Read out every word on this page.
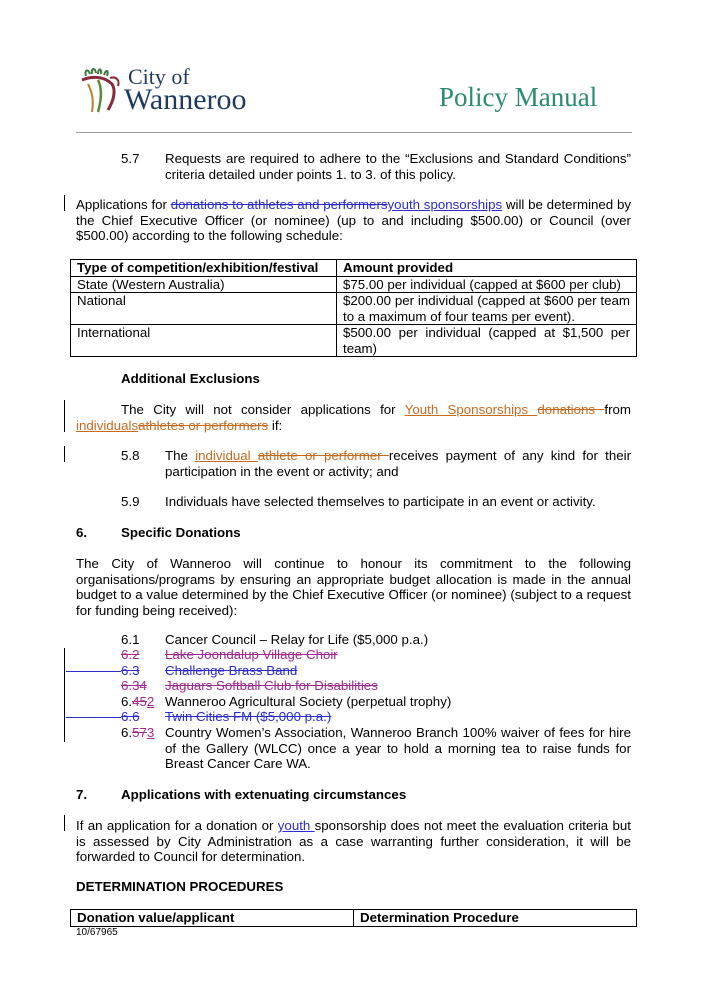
City of
Wanneroo	Policy Manual
5.7	Requests are required to adhere to the “Exclusions and Standard Conditions” criteria detailed under points 1. to 3. of this policy.

Applications for donations to athletes and performersyouth sponsorships will be determined by the Chief Executive Officer (or nominee) (up to and including $500.00) or Council (over $500.00) according to the following schedule:

Type of competition/exhibition/festival	Amount provided
State (Western Australia)	$75.00 per individual (capped at $600 per club)
National	$200.00 per individual (capped at $600 per team to a maximum of four teams per event).
International	$500.00 per individual (capped at $1,500 per team)
Additional Exclusions

The City will not consider applications for Youth Sponsorships donations from individualsathletes or performers if:

5.8	The individual athlete or performer receives payment of any kind for their participation in the event or activity; and

5.9	Individuals have selected themselves to participate in an event or activity.

6.	Specific Donations

The City of Wanneroo will continue to honour its commitment to the following organisations/programs by ensuring an appropriate budget allocation is made in the annual budget to a value determined by the Chief Executive Officer (or nominee) (subject to a request for funding being received):

6.1	Cancer Council – Relay for Life ($5,000 p.a.)

6.2	Lake Joondalup Village Choir

6.3	Challenge Brass Band

6.34	Jaguars Softball Club for Disabilities

6.452 Wanneroo Agricultural Society (perpetual trophy)

6.6	Twin Cities FM ($5,000 p.a.)

6.573 Country Women’s Association, Wanneroo Branch 100% waiver of fees for hire of the Gallery (WLCC) once a year to hold a morning tea to raise funds for Breast Cancer Care WA.

7.	Applications with extenuating circumstances

If an application for a donation or youth sponsorship does not meet the evaluation criteria but is assessed by City Administration as a case warranting further consideration, it will be forwarded to Council for determination.

DETERMINATION PROCEDURES
Donation value/applicant	Determination Procedure
10/67965
